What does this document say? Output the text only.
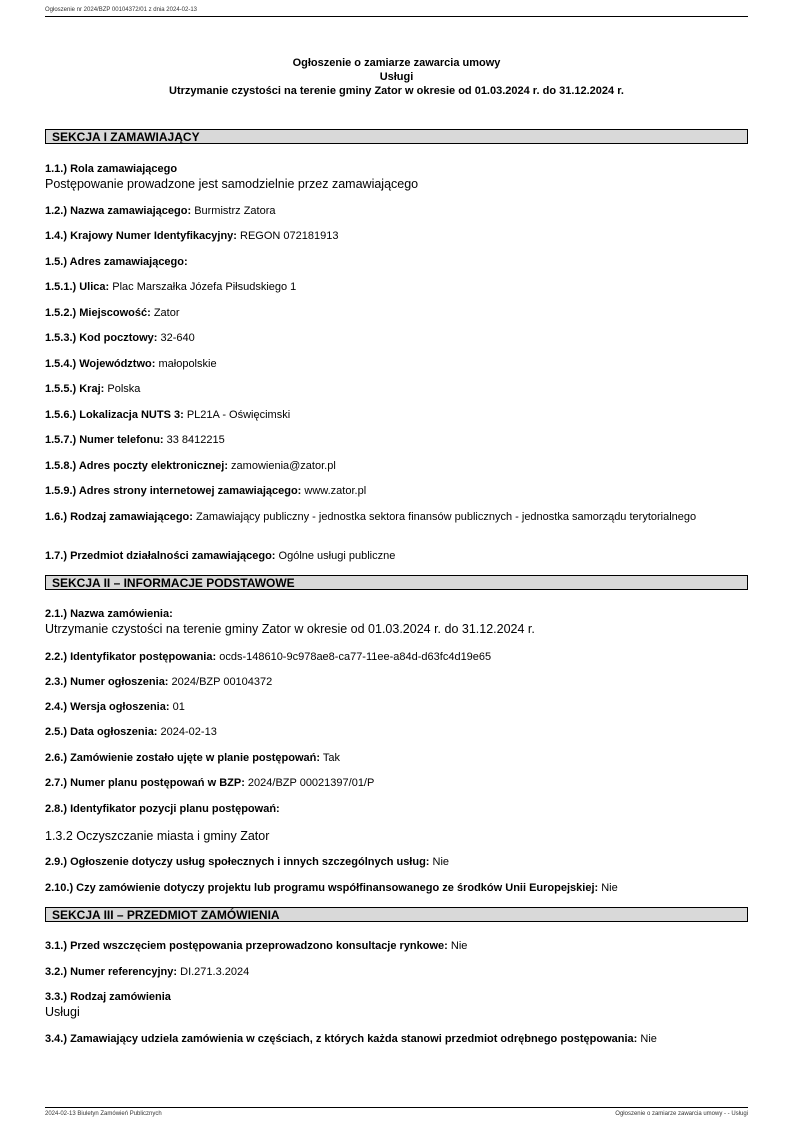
Ogłoszenie nr 2024/BZP 00104372/01 z dnia 2024-02-13
Ogłoszenie o zamiarze zawarcia umowy
Usługi
Utrzymanie czystości na terenie gminy Zator w okresie od 01.03.2024 r. do 31.12.2024 r.
SEKCJA I ZAMAWIAJĄCY
1.1.) Rola zamawiającego
Postępowanie prowadzone jest samodzielnie przez zamawiającego
1.2.) Nazwa zamawiającego: Burmistrz Zatora
1.4.) Krajowy Numer Identyfikacyjny: REGON 072181913
1.5.) Adres zamawiającego:
1.5.1.) Ulica: Plac Marszałka Józefa Piłsudskiego 1
1.5.2.) Miejscowość: Zator
1.5.3.) Kod pocztowy: 32-640
1.5.4.) Województwo: małopolskie
1.5.5.) Kraj: Polska
1.5.6.) Lokalizacja NUTS 3: PL21A - Oświęcimski
1.5.7.) Numer telefonu: 33 8412215
1.5.8.) Adres poczty elektronicznej: zamowienia@zator.pl
1.5.9.) Adres strony internetowej zamawiającego: www.zator.pl
1.6.) Rodzaj zamawiającego: Zamawiający publiczny - jednostka sektora finansów publicznych - jednostka samorządu terytorialnego
1.7.) Przedmiot działalności zamawiającego: Ogólne usługi publiczne
SEKCJA II – INFORMACJE PODSTAWOWE
2.1.) Nazwa zamówienia:
Utrzymanie czystości na terenie gminy Zator w okresie od 01.03.2024 r. do 31.12.2024 r.
2.2.) Identyfikator postępowania: ocds-148610-9c978ae8-ca77-11ee-a84d-d63fc4d19e65
2.3.) Numer ogłoszenia: 2024/BZP 00104372
2.4.) Wersja ogłoszenia: 01
2.5.) Data ogłoszenia: 2024-02-13
2.6.) Zamówienie zostało ujęte w planie postępowań: Tak
2.7.) Numer planu postępowań w BZP: 2024/BZP 00021397/01/P
2.8.) Identyfikator pozycji planu postępowań:
1.3.2 Oczyszczanie miasta i gminy Zator
2.9.) Ogłoszenie dotyczy usług społecznych i innych szczególnych usług: Nie
2.10.) Czy zamówienie dotyczy projektu lub programu współfinansowanego ze środków Unii Europejskiej: Nie
SEKCJA III – PRZEDMIOT ZAMÓWIENIA
3.1.) Przed wszczęciem postępowania przeprowadzono konsultacje rynkowe: Nie
3.2.) Numer referencyjny: DI.271.3.2024
3.3.) Rodzaj zamówienia
Usługi
3.4.) Zamawiający udziela zamówienia w częściach, z których każda stanowi przedmiot odrębnego postępowania: Nie
2024-02-13 Biuletyn Zamówień Publicznych	Ogłoszenie o zamiarze zawarcia umowy - - Usługi
